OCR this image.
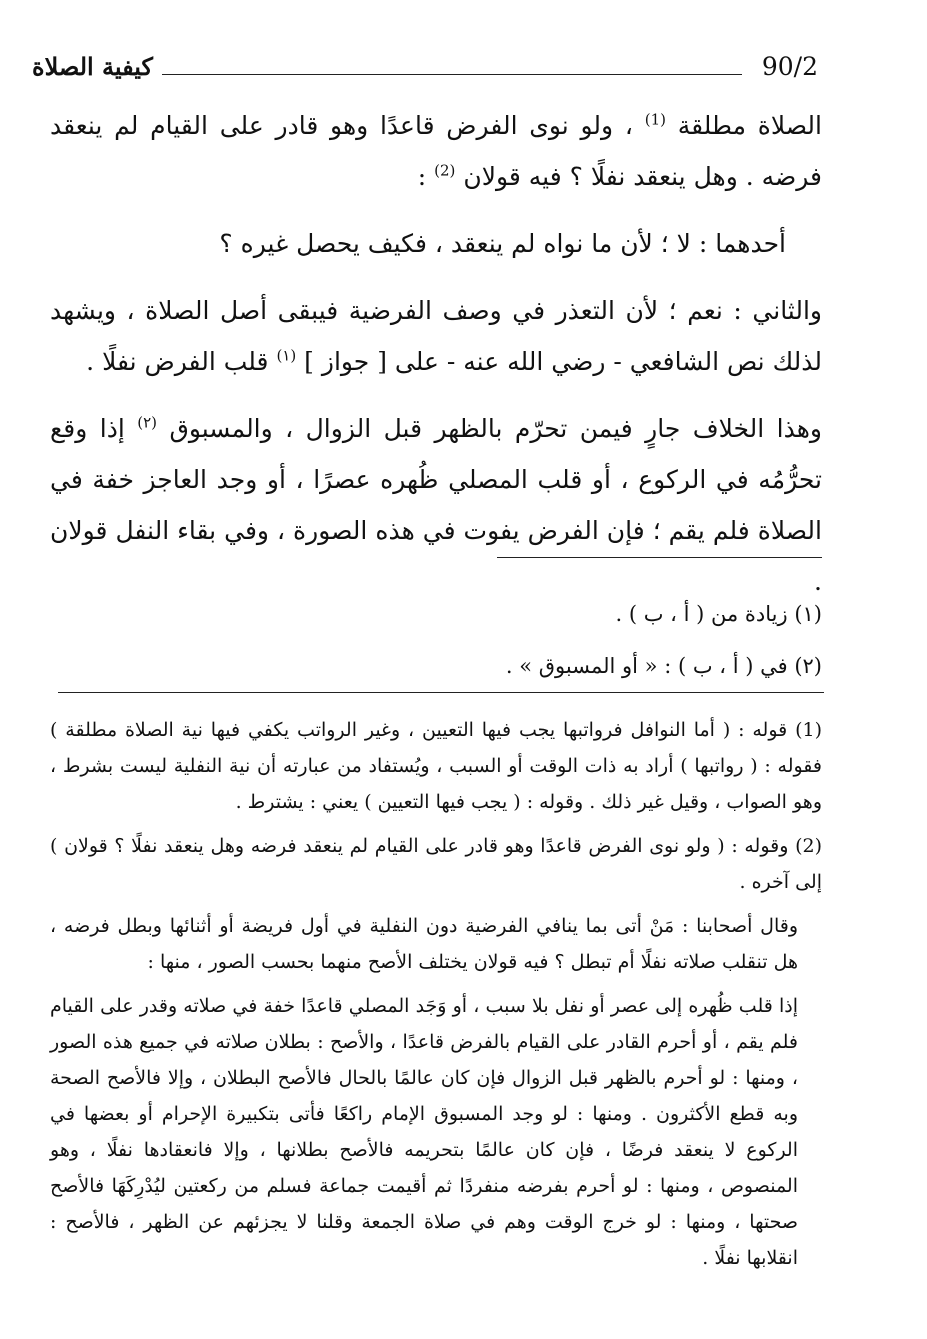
90/2
كيفية الصلاة

الصلاة مطلقة $^{(1)}$ ، ولو نوى الفرض قاعدًا وهو قادر على القيام لم ينعقد فرضه . وهل ينعقد نفلًا ؟ فيه قولان $^{(2)}$ :

أحدهما : لا ؛ لأن ما نواه لم ينعقد ، فكيف يحصل غيره ؟

والثاني : نعم ؛ لأن التعذر في وصف الفرضية فيبقى أصل الصلاة ، ويشهد لذلك نص الشافعي - رضي الله عنه - على [ جواز ] $^{(١)}$ قلب الفرض نفلًا .

وهذا الخلاف جارٍ فيمن تحرّم بالظهر قبل الزوال ، والمسبوق $^{(٢)}$ إذا وقع تحرُّمُه في الركوع ، أو قلب المصلي ظُهره عصرًا ، أو وجد العاجز خفة في الصلاة فلم يقم ؛ فإن الفرض يفوت في هذه الصورة ، وفي بقاء النفل قولان .

(١) زيادة من ( أ ، ب ) .

(٢) في ( أ ، ب ) : « أو المسبوق » .

(1) قوله : ( أما النوافل فرواتبها يجب فيها التعيين ، وغير الرواتب يكفي فيها نية الصلاة مطلقة ) فقوله : ( رواتبها ) أراد به ذات الوقت أو السبب ، ويُستفاد من عبارته أن نية النفلية ليست بشرط ، وهو الصواب ، وقيل غير ذلك . وقوله : ( يجب فيها التعيين ) يعني : يشترط .

(2) وقوله : ( ولو نوى الفرض قاعدًا وهو قادر على القيام لم ينعقد فرضه وهل ينعقد نفلًا ؟ قولان ) إلى آخره .

وقال أصحابنا : مَنْ أتى بما ينافي الفرضية دون النفلية في أول فريضة أو أثنائها وبطل فرضه ، هل تنقلب صلاته نفلًا أم تبطل ؟ فيه قولان يختلف الأصح منهما بحسب الصور ، منها :

إذا قلب ظُهره إلى عصر أو نفل بلا سبب ، أو وَجَد المصلي قاعدًا خفة في صلاته وقدر على القيام فلم يقم ، أو أحرم القادر على القيام بالفرض قاعدًا ، والأصح : بطلان صلاته في جميع هذه الصور ، ومنها : لو أحرم بالظهر قبل الزوال فإن كان عالمًا بالحال فالأصح البطلان ، وإلا فالأصح الصحة وبه قطع الأكثرون . ومنها : لو وجد المسبوق الإمام راكعًا فأتى بتكبيرة الإحرام أو بعضها في الركوع لا ينعقد فرضًا ، فإن كان عالمًا بتحريمه فالأصح بطلانها ، وإلا فانعقادها نفلًا ، وهو المنصوص ، ومنها : لو أحرم بفرضه منفردًا ثم أقيمت جماعة فسلم من ركعتين ليُدْرِكَهَا فالأصح صحتها ، ومنها : لو خرج الوقت وهم في صلاة الجمعة وقلنا لا يجزئهم عن الظهر ، فالأصح : انقلابها نفلًا .
